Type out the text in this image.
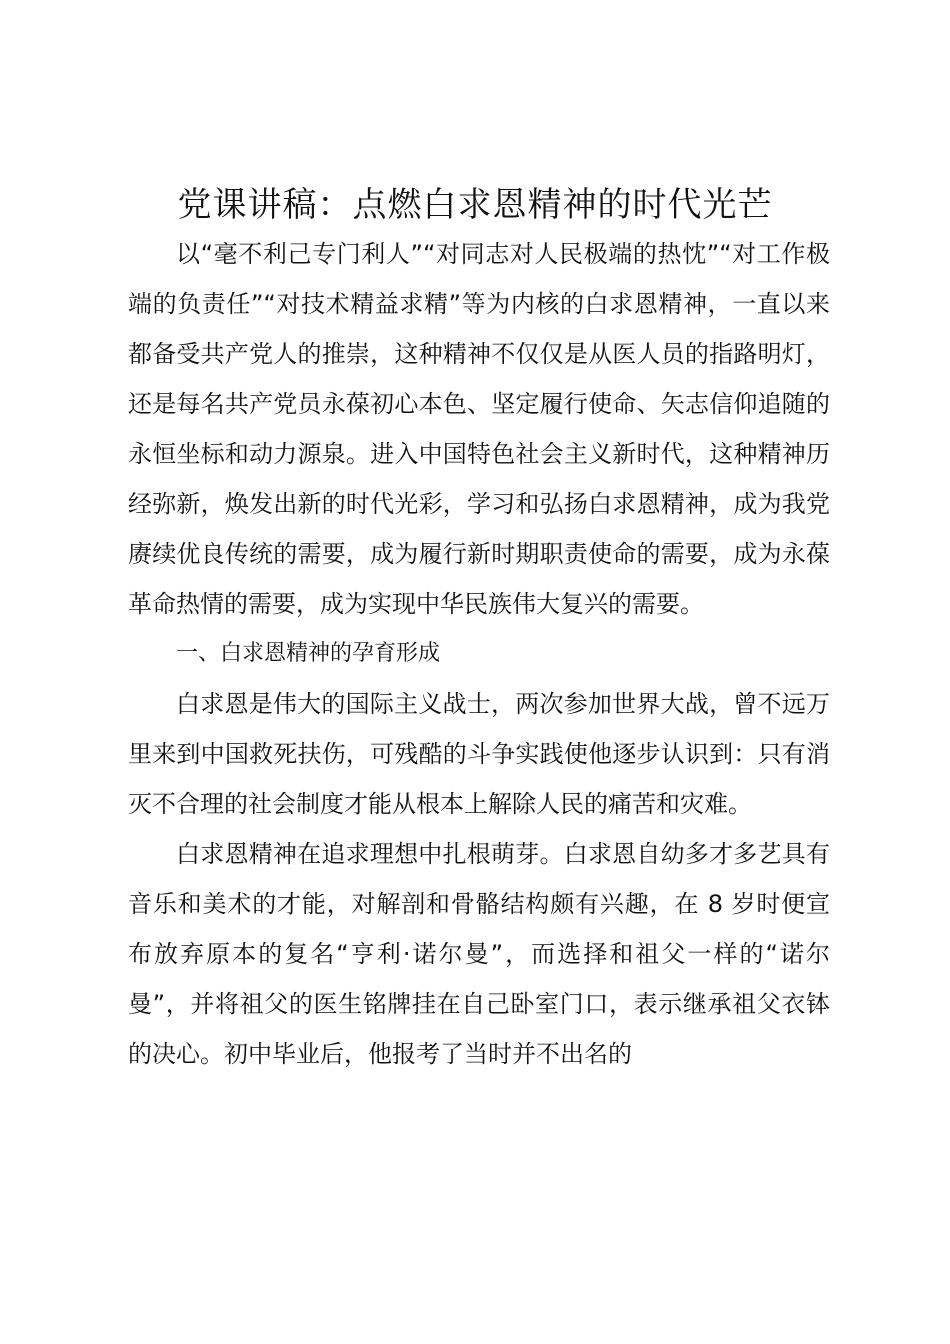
党课讲稿：点燃白求恩精神的时代光芒

以“毫不利己专门利人”“对同志对人民极端的热忱”“对工作极端的负责任”“对技术精益求精”等为内核的白求恩精神，一直以来都备受共产党人的推崇，这种精神不仅仅是从医人员的指路明灯，还是每名共产党员永葆初心本色、坚定履行使命、矢志信仰追随的永恒坐标和动力源泉。进入中国特色社会主义新时代，这种精神历经弥新，焕发出新的时代光彩，学习和弘扬白求恩精神，成为我党赓续优良传统的需要，成为履行新时期职责使命的需要，成为永葆革命热情的需要，成为实现中华民族伟大复兴的需要。

一、白求恩精神的孕育形成

白求恩是伟大的国际主义战士，两次参加世界大战，曾不远万里来到中国救死扶伤，可残酷的斗争实践使他逐步认识到：只有消灭不合理的社会制度才能从根本上解除人民的痛苦和灾难。

白求恩精神在追求理想中扎根萌芽。白求恩自幼多才多艺具有音乐和美术的才能，对解剖和骨骼结构颇有兴趣，在 8 岁时便宣布放弃原本的复名“亨利·诺尔曼”，而选择和祖父一样的“诺尔曼”，并将祖父的医生铭牌挂在自己卧室门口，表示继承祖父衣钵的决心。初中毕业后，他报考了当时并不出名的
